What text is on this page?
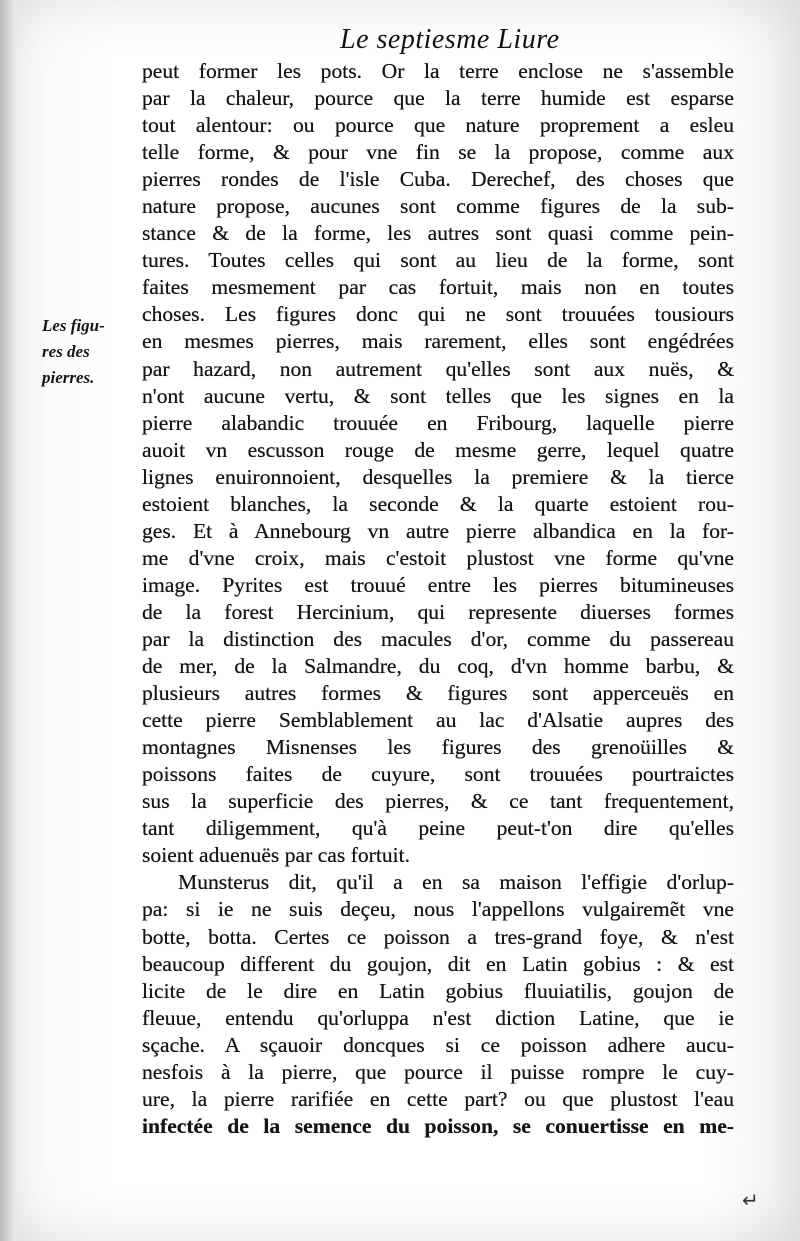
Le septiesme Liure
Les figu-
res des
pierres.
peut former les pots. Or la terre enclose ne s'assemble
par la chaleur, pource que la terre humide est esparse
tout alentour: ou pource que nature proprement a esleu
telle forme, & pour vne fin se la propose, comme aux
pierres rondes de l'isle Cuba. Derechef, des choses que
nature propose, aucunes sont comme figures de la sub-
stance & de la forme, les autres sont quasi comme pein-
tures. Toutes celles qui sont au lieu de la forme, sont
faites mesmement par cas fortuit, mais non en toutes
choses. Les figures donc qui ne sont trouuées tousiours
en mesmes pierres, mais rarement, elles sont engédrées
par hazard, non autrement qu'elles sont aux nuës, &
n'ont aucune vertu, & sont telles que les signes en la
pierre alabandic trouuée en Fribourg, laquelle pierre
auoit vn escusson rouge de mesme gerre, lequel quatre
lignes enuironnoient, desquelles la premiere & la tierce
estoient blanches, la seconde & la quarte estoient rou-
ges. Et à Annebourg vn autre pierre albandica en la for-
me d'vne croix, mais c'estoit plustost vne forme qu'vne
image. Pyrites est trouué entre les pierres bitumineuses
de la forest Hercinium, qui represente diuerses formes
par la distinction des macules d'or, comme du passereau
de mer, de la Salmandre, du coq, d'vn homme barbu, &
plusieurs autres formes & figures sont apperceuës en
cette pierre Semblablement au lac d'Alsatie aupres des
montagnes Misnenses les figures des grenoüilles &
poissons faites de cuyure, sont trouuées pourtraictes
sus la superficie des pierres, & ce tant frequentement,
tant diligemment, qu'à peine peut-t'on dire qu'elles
soient aduenuës par cas fortuit.
Munsterus dit, qu'il a en sa maison l'effigie d'orlup-
pa: si ie ne suis deçeu, nous l'appellons vulgairemẽt vne
botte, botta. Certes ce poisson a tres-grand foye, & n'est
beaucoup different du goujon, dit en Latin gobius : & est
licite de le dire en Latin gobius fluuiatilis, goujon de
fleuue, entendu qu'orluppa n'est diction Latine, que ie
sçache. A sçauoir doncques si ce poisson adhere aucu-
nesfois à la pierre, que pource il puisse rompre le cuy-
ure, la pierre rarifiée en cette part? ou que plustost l'eau
infectée de la semence du poisson, se conuertisse en me-
↵
